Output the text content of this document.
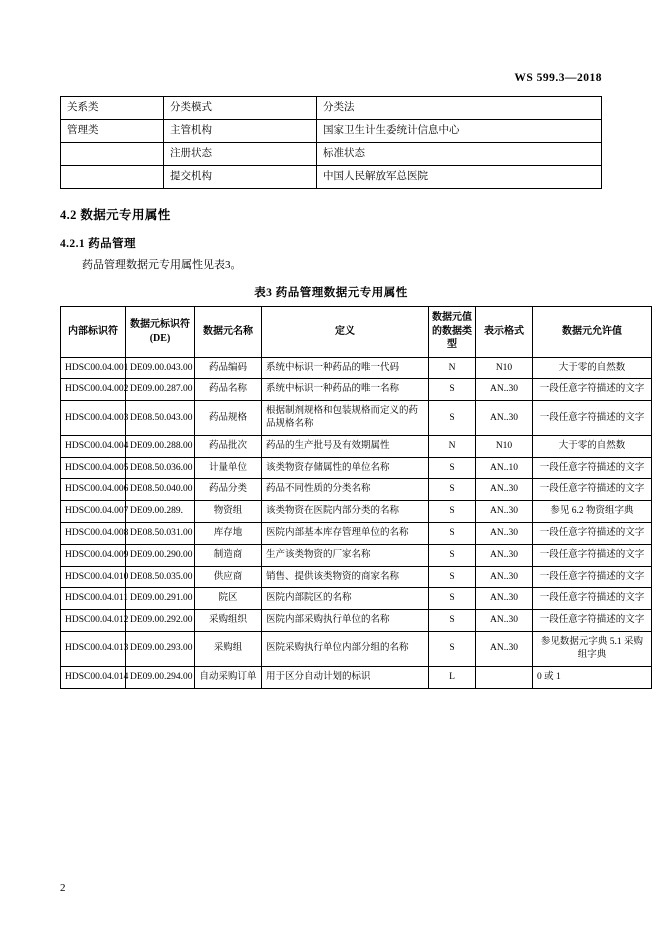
WS 599.3—2018
关系类	分类模式	分类法
管理类	主管机构	国家卫生计生委统计信息中心
	注册状态	标准状态
	提交机构	中国人民解放军总医院
4.2 数据元专用属性
4.2.1 药品管理
药品管理数据元专用属性见表3。
表3 药品管理数据元专用属性
内部标识符	数据元标识符(DE)	数据元名称	定义	数据元值的数据类型	表示格式	数据元允许值
HDSC00.04.001	DE09.00.043.00	药品编码	系统中标识一种药品的唯一代码	N	N10	大于零的自然数
HDSC00.04.002	DE09.00.287.00	药品名称	系统中标识一种药品的唯一名称	S	AN..30	一段任意字符描述的文字
HDSC00.04.003	DE08.50.043.00	药品规格	根据制剂规格和包装规格而定义的药品规格名称	S	AN..30	一段任意字符描述的文字
HDSC00.04.004	DE09.00.288.00	药品批次	药品的生产批号及有效期属性	N	N10	大于零的自然数
HDSC00.04.005	DE08.50.036.00	计量单位	该类物资存储属性的单位名称	S	AN..10	一段任意字符描述的文字
HDSC00.04.006	DE08.50.040.00	药品分类	药品不同性质的分类名称	S	AN..30	一段任意字符描述的文字
HDSC00.04.007	DE09.00.289.	物资组	该类物资在医院内部分类的名称	S	AN..30	参见 6.2 物资组字典
HDSC00.04.008	DE08.50.031.00	库存地	医院内部基本库存管理单位的名称	S	AN..30	一段任意字符描述的文字
HDSC00.04.009	DE09.00.290.00	制造商	生产该类物资的厂家名称	S	AN..30	一段任意字符描述的文字
HDSC00.04.010	DE08.50.035.00	供应商	销售、提供该类物资的商家名称	S	AN..30	一段任意字符描述的文字
HDSC00.04.011	DE09.00.291.00	院区	医院内部院区的名称	S	AN..30	一段任意字符描述的文字
HDSC00.04.012	DE09.00.292.00	采购组织	医院内部采购执行单位的名称	S	AN..30	一段任意字符描述的文字
HDSC00.04.013	DE09.00.293.00	采购组	医院采购执行单位内部分组的名称	S	AN..30	参见数据元字典 5.1 采购组字典
HDSC00.04.014	DE09.00.294.00	自动采购订单	用于区分自动计划的标识	L		0 或 1
2
